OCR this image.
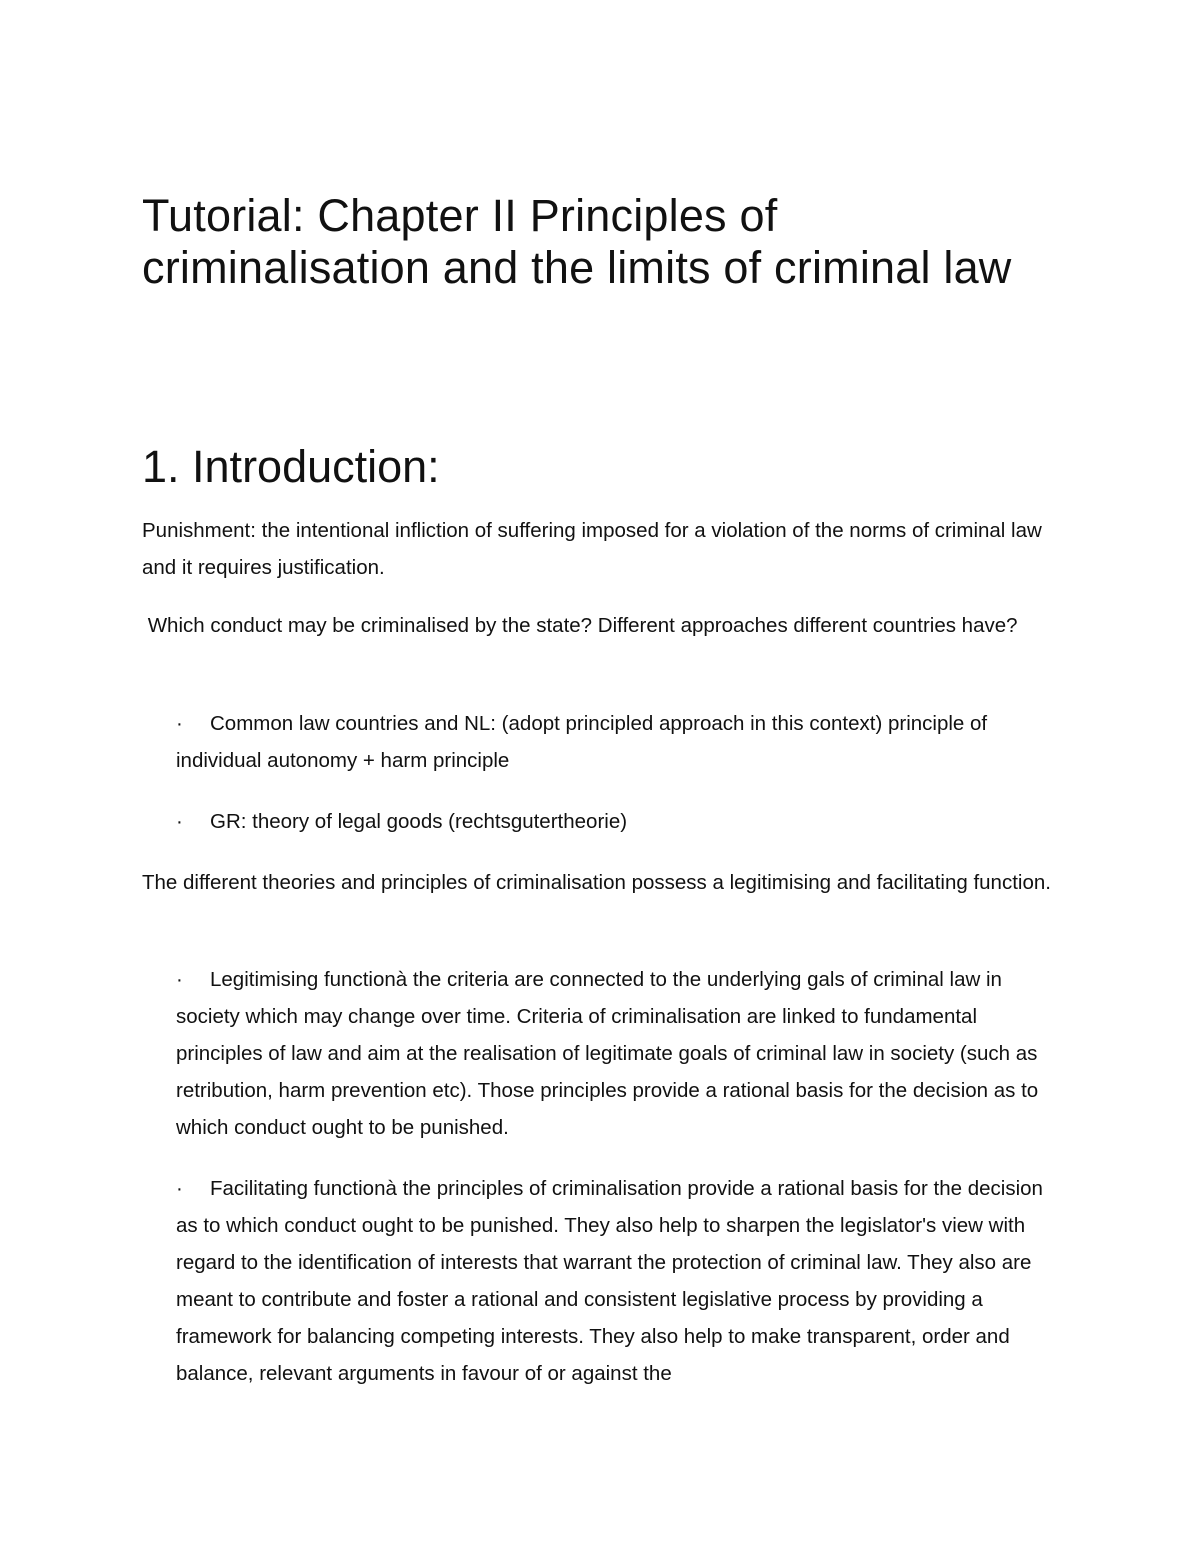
Tutorial: Chapter II Principles of criminalisation and the limits of criminal law
1. Introduction:

Punishment: the intentional infliction of suffering imposed for a violation of the norms of criminal law and it requires justification.

Which conduct may be criminalised by the state? Different approaches different countries have?

· Common law countries and NL: (adopt principled approach in this context) principle of individual autonomy + harm principle

· GR: theory of legal goods (rechtsgutertheorie)

The different theories and principles of criminalisation possess a legitimising and facilitating function.

· Legitimising functionà the criteria are connected to the underlying gals of criminal law in society which may change over time. Criteria of criminalisation are linked to fundamental principles of law and aim at the realisation of legitimate goals of criminal law in society (such as retribution, harm prevention etc). Those principles provide a rational basis for the decision as to which conduct ought to be punished.

· Facilitating functionà the principles of criminalisation provide a rational basis for the decision as to which conduct ought to be punished. They also help to sharpen the legislator's view with regard to the identification of interests that warrant the protection of criminal law. They also are meant to contribute and foster a rational and consistent legislative process by providing a framework for balancing competing interests. They also help to make transparent, order and balance, relevant arguments in favour of or against the
